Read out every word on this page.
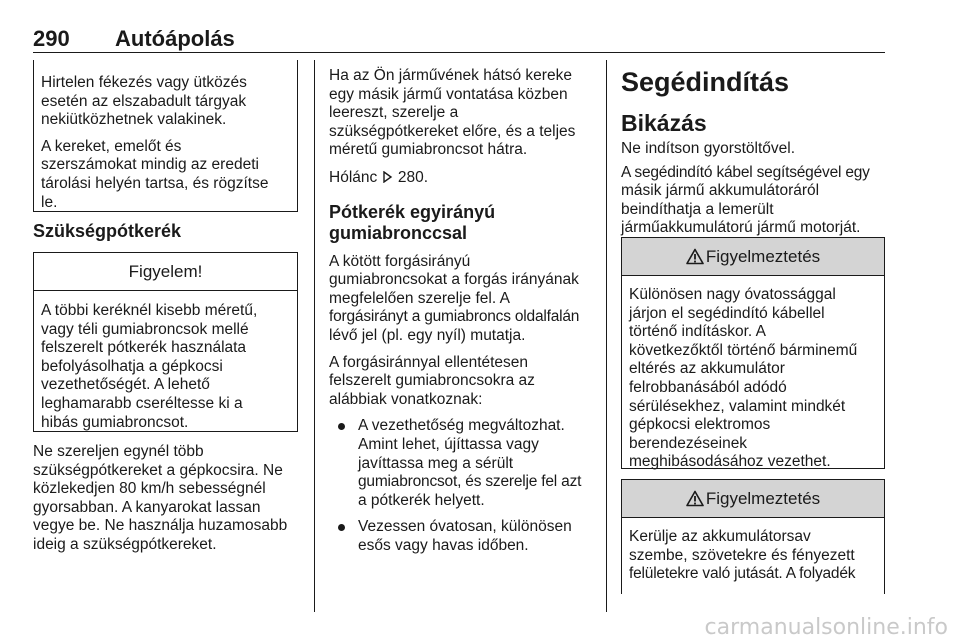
290 Autóápolás

Hirtelen fékezés vagy ütközés
esetén az elszabadult tárgyak
nekiütközhetnek valakinek.

A kereket, emelőt és
szerszámokat mindig az eredeti
tárolási helyén tartsa, és rögzítse
le.

Szükségpótkerék
Figyelem!

A többi keréknél kisebb méretű,
vagy téli gumiabroncsok mellé
felszerelt pótkerék használata
befolyásolhatja a gépkocsi
vezethetőségét. A lehető
leghamarabb cseréltesse ki a
hibás gumiabroncsot.

Ne szereljen egynél több
szükségpótkereket a gépkocsira. Ne
közlekedjen 80 km/h sebességnél
gyorsabban. A kanyarokat lassan
vegye be. Ne használja huzamosabb
ideig a szükségpótkereket.

Ha az Ön járművének hátsó kereke
egy másik jármű vontatása közben
leereszt, szerelje a
szükségpótkereket előre, és a teljes
méretű gumiabroncsot hátra.

Hólánc 280.

Pótkerék egyirányú
gumiabronccsal

A kötött forgásirányú
gumiabroncsokat a forgás irányának
megfelelően szerelje fel. A
forgásirányt a gumiabroncs oldalfalán
lévő jel (pl. egy nyíl) mutatja.

A forgásiránnyal ellentétesen
felszerelt gumiabroncsokra az
alábbiak vonatkoznak:

A vezethetőség megváltozhat.
Amint lehet, újíttassa vagy
javíttassa meg a sérült
gumiabroncsot, és szerelje fel azt
a pótkerék helyett.
Vezessen óvatosan, különösen
esős vagy havas időben.
Segédindítás
Bikázás

Ne indítson gyorstöltővel.

A segédindító kábel segítségével egy
másik jármű akkumulátoráról
beindíthatja a lemerült
járműakkumulátorú jármű motorját.

Figyelmeztetés

Különösen nagy óvatossággal
járjon el segédindító kábellel
történő indításkor. A
következőktől történő bárminemű
eltérés az akkumulátor
felrobbanásából adódó
sérülésekhez, valamint mindkét
gépkocsi elektromos
berendezéseinek
meghibásodásához vezethet.

Figyelmeztetés

Kerülje az akkumulátorsav
szembe, szövetekre és fényezett
felületekre való jutását. A folyadék

carmanualsonline.info
